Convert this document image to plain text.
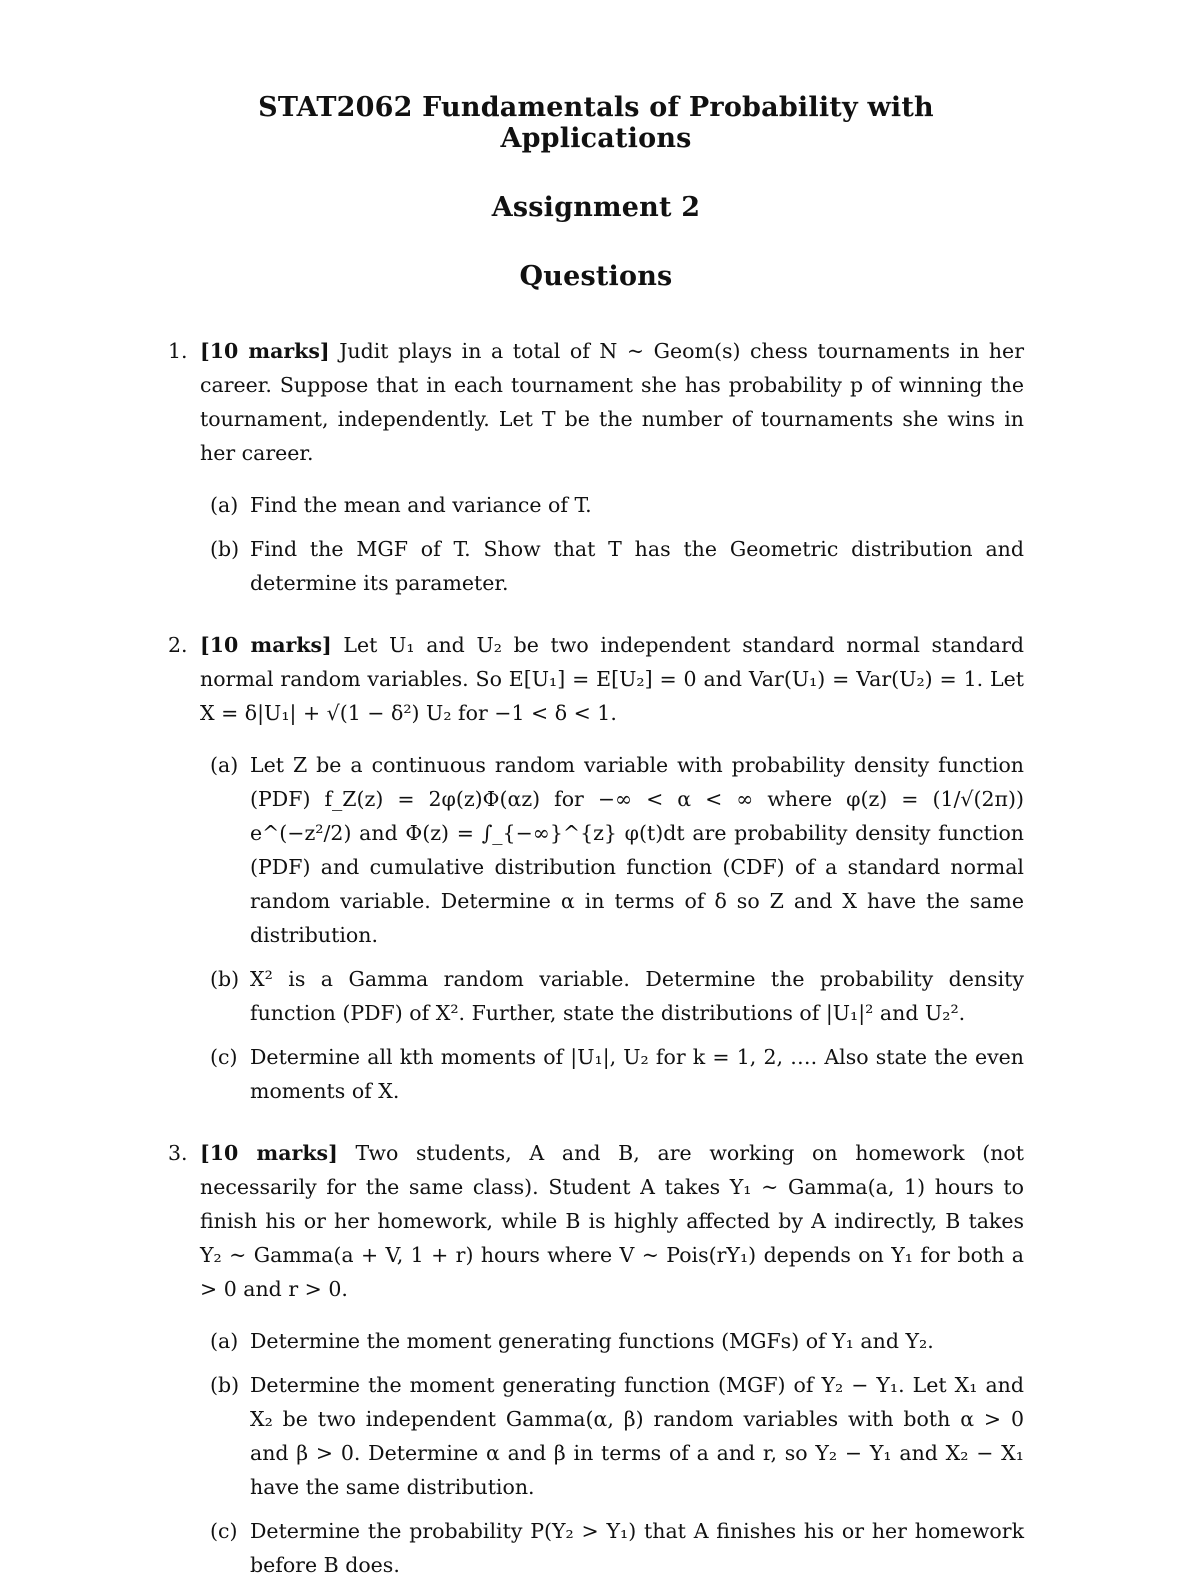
STAT2062 Fundamentals of Probability with Applications
Assignment 2
Questions
1. [10 marks] Judit plays in a total of N ~ Geom(s) chess tournaments in her career. Suppose that in each tournament she has probability p of winning the tournament, independently. Let T be the number of tournaments she wins in her career.
(a) Find the mean and variance of T.
(b) Find the MGF of T. Show that T has the Geometric distribution and determine its parameter.
2. [10 marks] Let U₁ and U₂ be two independent standard normal standard normal random variables. So E[U₁] = E[U₂] = 0 and Var(U₁) = Var(U₂) = 1. Let X = δ|U₁| + √(1 − δ²) U₂ for −1 < δ < 1.
(a) Let Z be a continuous random variable with probability density function (PDF) f_Z(z) = 2φ(z)Φ(αz) for −∞ < α < ∞ where φ(z) = (1/√(2π)) e^(−z²/2) and Φ(z) = ∫_{−∞}^{z} φ(t)dt are probability density function (PDF) and cumulative distribution function (CDF) of a standard normal random variable. Determine α in terms of δ so Z and X have the same distribution.
(b) X² is a Gamma random variable. Determine the probability density function (PDF) of X². Further, state the distributions of |U₁|² and U₂².
(c) Determine all kth moments of |U₁|, U₂ for k = 1, 2, …. Also state the even moments of X.
3. [10 marks] Two students, A and B, are working on homework (not necessarily for the same class). Student A takes Y₁ ~ Gamma(a, 1) hours to finish his or her homework, while B is highly affected by A indirectly, B takes Y₂ ~ Gamma(a + V, 1 + r) hours where V ~ Pois(rY₁) depends on Y₁ for both a > 0 and r > 0.
(a) Determine the moment generating functions (MGFs) of Y₁ and Y₂.
(b) Determine the moment generating function (MGF) of Y₂ − Y₁. Let X₁ and X₂ be two independent Gamma(α, β) random variables with both α > 0 and β > 0. Determine α and β in terms of a and r, so Y₂ − Y₁ and X₂ − X₁ have the same distribution.
(c) Determine the probability P(Y₂ > Y₁) that A finishes his or her homework before B does.
